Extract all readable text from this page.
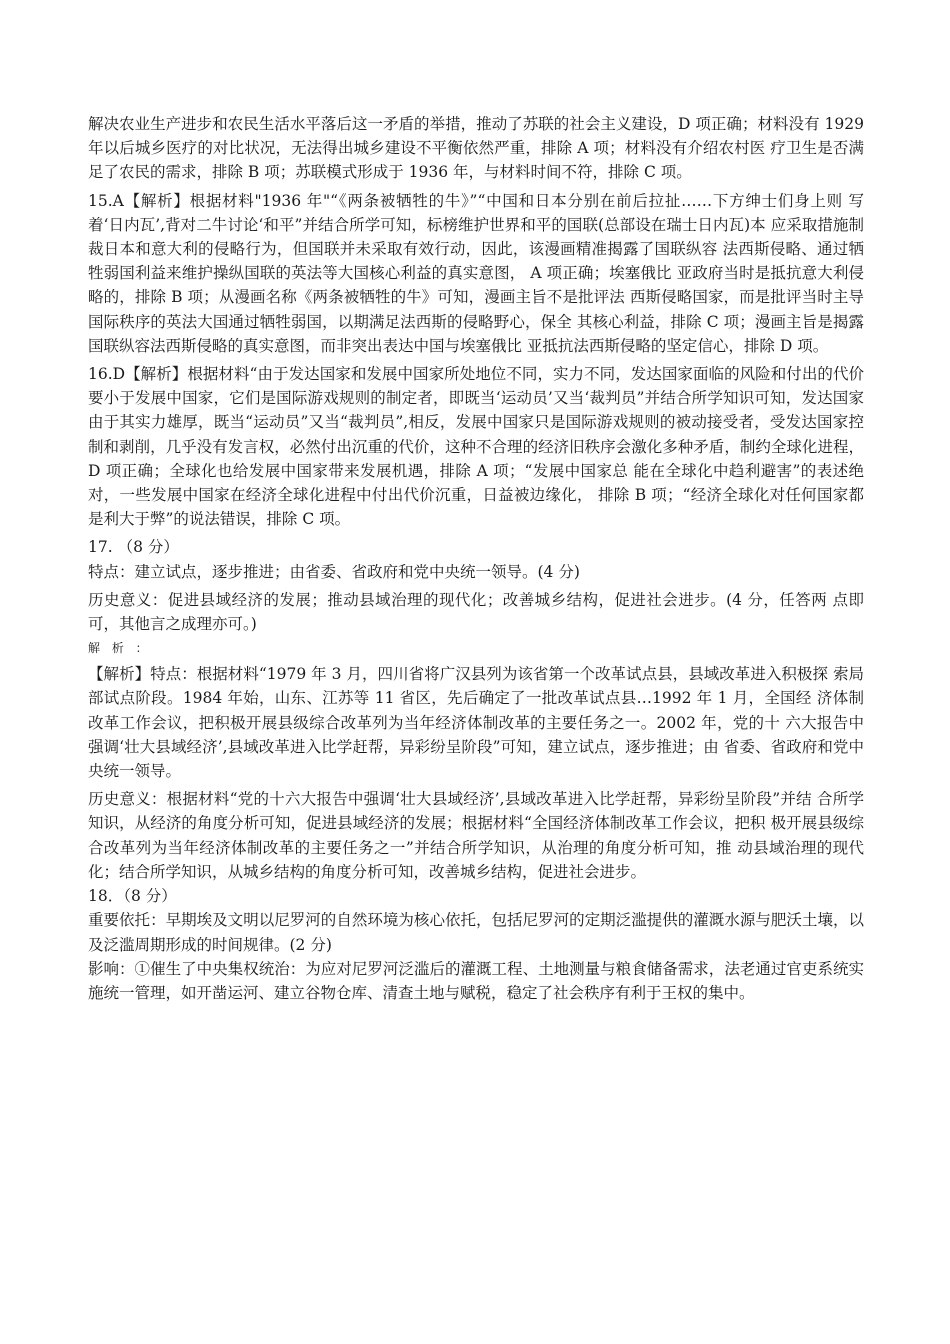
解决农业生产进步和农民生活水平落后这一矛盾的举措，推动了苏联的社会主义建设，D 项正确；材料没有 1929 年以后城乡医疗的对比状况，无法得出城乡建设不平衡依然严重，排除 A 项；材料没有介绍农村医 疗卫生是否满足了农民的需求，排除 B 项；苏联模式形成于 1936 年，与材料时间不符，排除 C 项。

15.A【解析】根据材料"1936 年"“《两条被牺牲的牛》”“中国和日本分别在前后拉扯……下方绅士们身上则 写着‘日内瓦’,背对二牛讨论‘和平”并结合所学可知，标榜维护世界和平的国联(总部设在瑞士日内瓦)本 应采取措施制裁日本和意大利的侵略行为，但国联并未采取有效行动，因此，该漫画精准揭露了国联纵容 法西斯侵略、通过牺牲弱国利益来维护操纵国联的英法等大国核心利益的真实意图， A 项正确；埃塞俄比 亚政府当时是抵抗意大利侵略的，排除 B 项；从漫画名称《两条被牺牲的牛》可知，漫画主旨不是批评法 西斯侵略国家，而是批评当时主导国际秩序的英法大国通过牺牲弱国，以期满足法西斯的侵略野心，保全 其核心利益，排除 C 项；漫画主旨是揭露国联纵容法西斯侵略的真实意图，而非突出表达中国与埃塞俄比 亚抵抗法西斯侵略的坚定信心，排除 D 项。

16.D【解析】根据材料“由于发达国家和发展中国家所处地位不同，实力不同，发达国家面临的风险和付出的代价要小于发展中国家，它们是国际游戏规则的制定者，即既当‘运动员’又当‘裁判员”并结合所学知识可知，发达国家由于其实力雄厚，既当“运动员”又当“裁判员”,相反，发展中国家只是国际游戏规则的被动接受者，受发达国家控制和剥削，几乎没有发言权，必然付出沉重的代价，这种不合理的经济旧秩序会激化多种矛盾，制约全球化进程，D 项正确；全球化也给发展中国家带来发展机遇，排除 A 项；“发展中国家总 能在全球化中趋利避害”的表述绝对，一些发展中国家在经济全球化进程中付出代价沉重，日益被边缘化， 排除 B 项；“经济全球化对任何国家都是利大于弊”的说法错误，排除 C 项。

17. （8 分）

特点：建立试点，逐步推进；由省委、省政府和党中央统一领导。(4 分)

历史意义：促进县域经济的发展；推动县域治理的现代化；改善城乡结构，促进社会进步。(4 分，任答两 点即可，其他言之成理亦可。)

解 析 ：

【解析】特点：根据材料“1979 年 3 月，四川省将广汉县列为该省第一个改革试点县，县域改革进入积极探 索局部试点阶段。1984 年始，山东、江苏等 11 省区，先后确定了一批改革试点县…1992 年 1 月，全国经 济体制改革工作会议，把积极开展县级综合改革列为当年经济体制改革的主要任务之一。2002 年，党的十 六大报告中强调‘壮大县域经济’,县域改革进入比学赶帮，异彩纷呈阶段”可知，建立试点，逐步推进；由 省委、省政府和党中央统一领导。

历史意义：根据材料“党的十六大报告中强调‘壮大县域经济’,县域改革进入比学赶帮，异彩纷呈阶段”并结 合所学知识，从经济的角度分析可知，促进县域经济的发展；根据材料“全国经济体制改革工作会议，把积 极开展县级综合改革列为当年经济体制改革的主要任务之一”并结合所学知识，从治理的角度分析可知，推 动县域治理的现代化；结合所学知识，从城乡结构的角度分析可知，改善城乡结构，促进社会进步。

18．（8 分）

重要依托：早期埃及文明以尼罗河的自然环境为核心依托，包括尼罗河的定期泛滥提供的灌溉水源与肥沃土壤，以及泛滥周期形成的时间规律。(2 分)

影响：①催生了中央集权统治：为应对尼罗河泛滥后的灌溉工程、土地测量与粮食储备需求，法老通过官吏系统实施统一管理，如开凿运河、建立谷物仓库、清查土地与赋税，稳定了社会秩序有利于王权的集中。
